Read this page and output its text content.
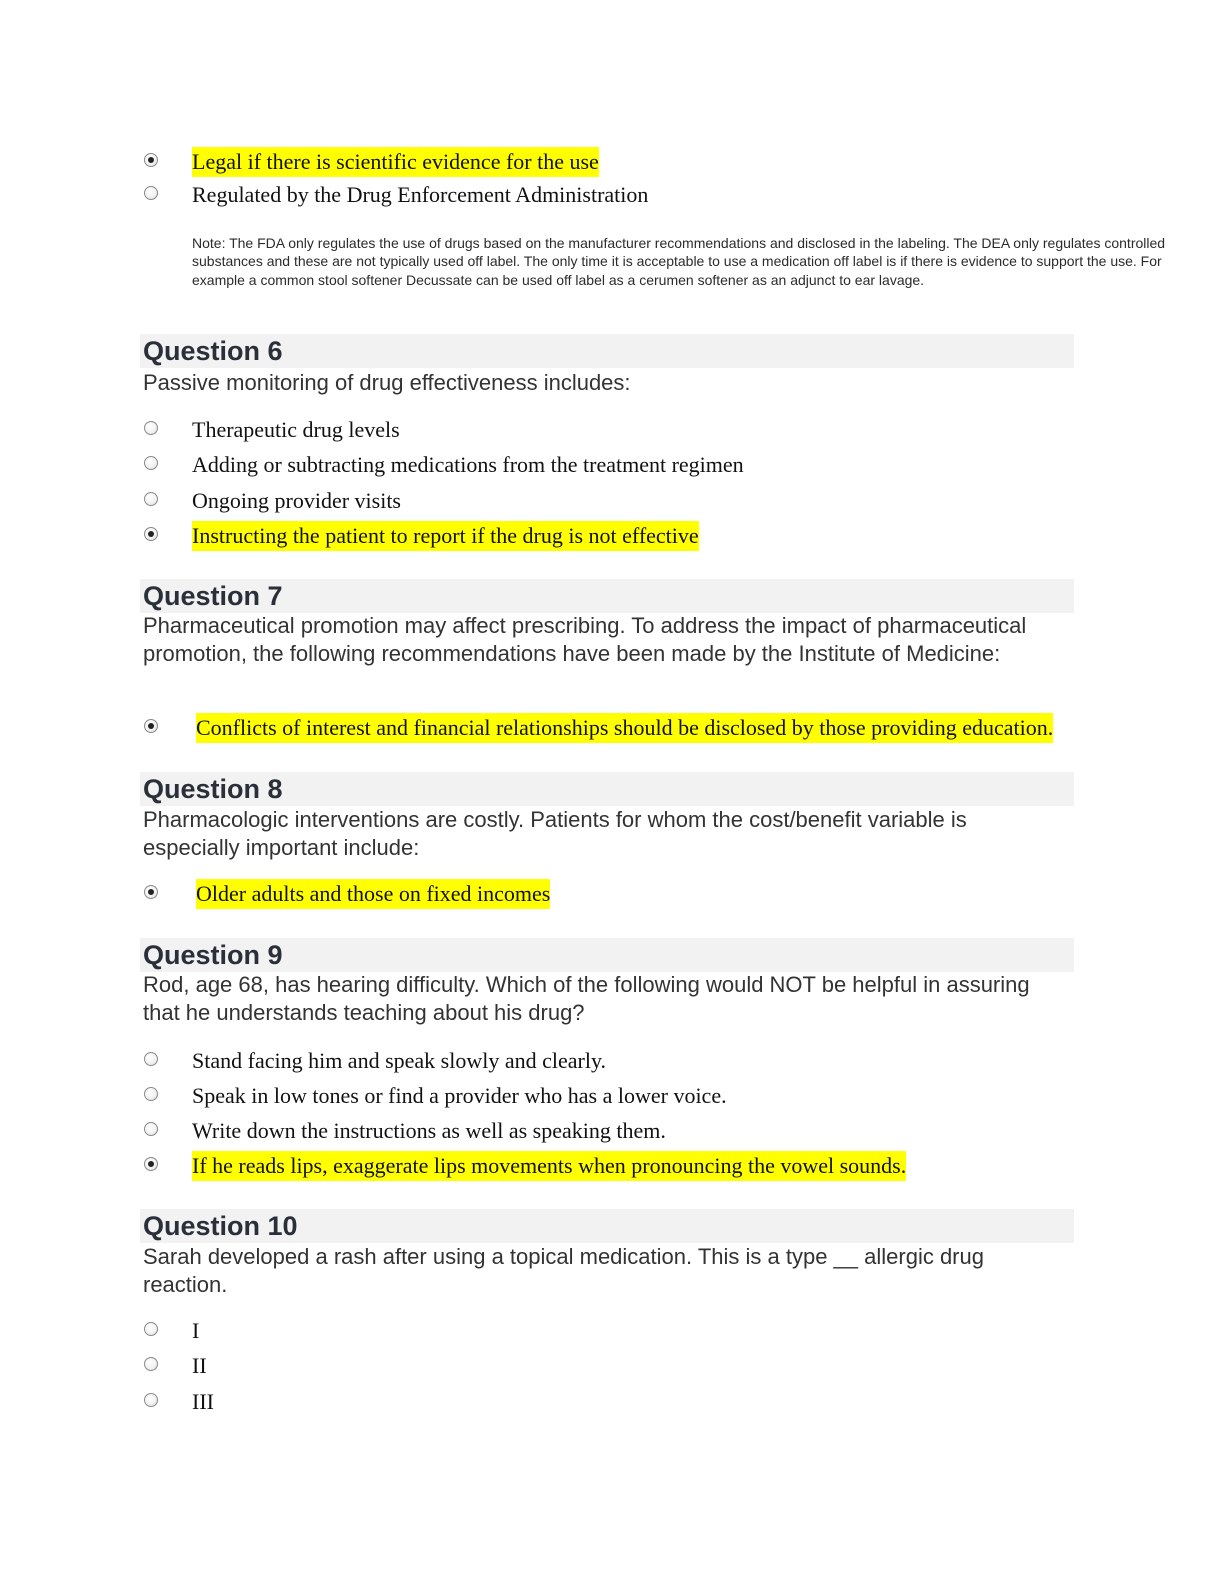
Legal if there is scientific evidence for the use
Regulated by the Drug Enforcement Administration
Note: The FDA only regulates the use of drugs based on the manufacturer recommendations and disclosed in the labeling. The DEA only regulates controlled substances and these are not typically used off label. The only time it is acceptable to use a medication off label is if there is evidence to support the use. For example a common stool softener Decussate can be used off label as a cerumen softener as an adjunct to ear lavage.
Question 6
Passive monitoring of drug effectiveness includes:
Therapeutic drug levels
Adding or subtracting medications from the treatment regimen
Ongoing provider visits
Instructing the patient to report if the drug is not effective
Question 7
Pharmaceutical promotion may affect prescribing. To address the impact of pharmaceutical promotion, the following recommendations have been made by the Institute of Medicine:
Conflicts of interest and financial relationships should be disclosed by those providing education.
Question 8
Pharmacologic interventions are costly. Patients for whom the cost/benefit variable is especially important include:
Older adults and those on fixed incomes
Question 9
Rod, age 68, has hearing difficulty. Which of the following would NOT be helpful in assuring that he understands teaching about his drug?
Stand facing him and speak slowly and clearly.
Speak in low tones or find a provider who has a lower voice.
Write down the instructions as well as speaking them.
If he reads lips, exaggerate lips movements when pronouncing the vowel sounds.
Question 10
Sarah developed a rash after using a topical medication. This is a type __ allergic drug reaction.
I
II
III
